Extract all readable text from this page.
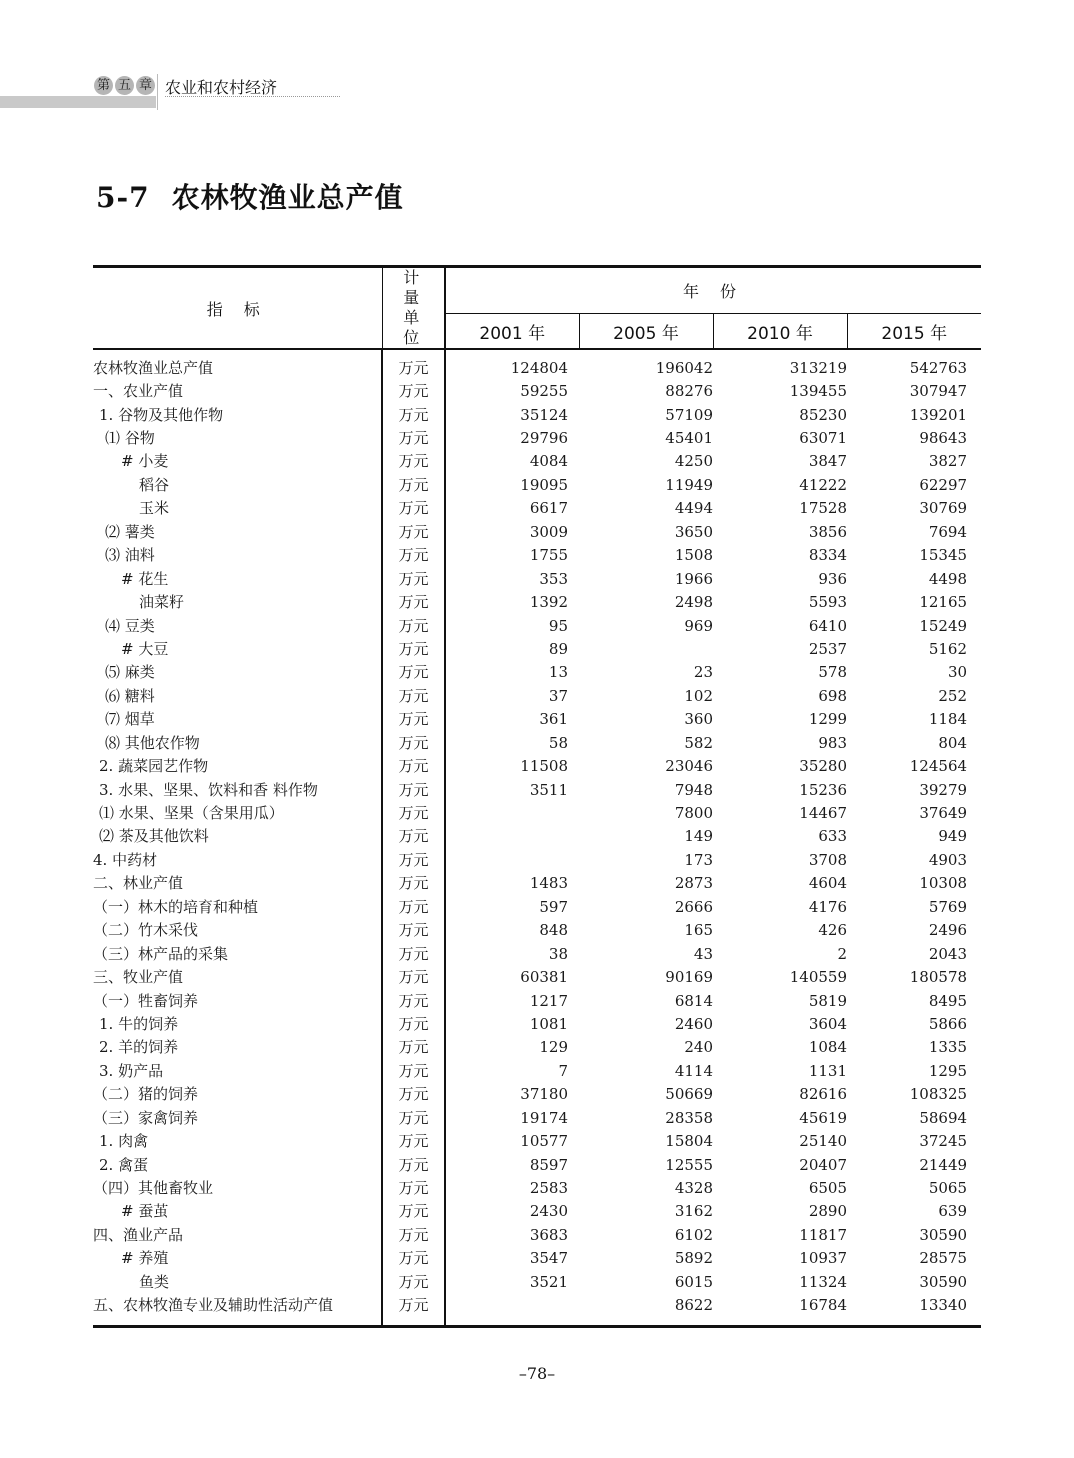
第 五 章 农业和农村经济
5-7 农林牧渔业总产值
指 标	计 量
单 位	年 份			
		2001 年	2005 年	2010 年	2015 年
农林牧渔业总产值	万元	124804	196042	313219	542763
一、农业产值	万元	59255	88276	139455	307947
1. 谷物及其他作物	万元	35124	57109	85230	139201
⑴ 谷物	万元	29796	45401	63071	98643
# 小麦	万元	4084	4250	3847	3827
稻谷	万元	19095	11949	41222	62297
玉米	万元	6617	4494	17528	30769
⑵ 薯类	万元	3009	3650	3856	7694
⑶ 油料	万元	1755	1508	8334	15345
# 花生	万元	353	1966	936	4498
油菜籽	万元	1392	2498	5593	12165
⑷ 豆类	万元	95	969	6410	15249
# 大豆	万元	89		2537	5162
⑸ 麻类	万元	13	23	578	30
⑹ 糖料	万元	37	102	698	252
⑺ 烟草	万元	361	360	1299	1184
⑻ 其他农作物	万元	58	582	983	804
2. 蔬菜园艺作物	万元	11508	23046	35280	124564
3. 水果、坚果、饮料和香 料作物	万元	3511	7948	15236	39279
⑴ 水果、坚果（含果用瓜）	万元		7800	14467	37649
⑵ 茶及其他饮料	万元		149	633	949
4. 中药材	万元		173	3708	4903
二、林业产值	万元	1483	2873	4604	10308
（一）林木的培育和种植	万元	597	2666	4176	5769
（二）竹木采伐	万元	848	165	426	2496
（三）林产品的采集	万元	38	43	2	2043
三、牧业产值	万元	60381	90169	140559	180578
（一）牲畜饲养	万元	1217	6814	5819	8495
1. 牛的饲养	万元	1081	2460	3604	5866
2. 羊的饲养	万元	129	240	1084	1335
3. 奶产品	万元	7	4114	1131	1295
（二）猪的饲养	万元	37180	50669	82616	108325
（三）家禽饲养	万元	19174	28358	45619	58694
1. 肉禽	万元	10577	15804	25140	37245
2. 禽蛋	万元	8597	12555	20407	21449
（四）其他畜牧业	万元	2583	4328	6505	5065
# 蚕茧	万元	2430	3162	2890	639
四、渔业产品	万元	3683	6102	11817	30590
# 养殖	万元	3547	5892	10937	28575
鱼类	万元	3521	6015	11324	30590
五、农林牧渔专业及辅助性活动产值	万元		8622	16784	13340
–78–
